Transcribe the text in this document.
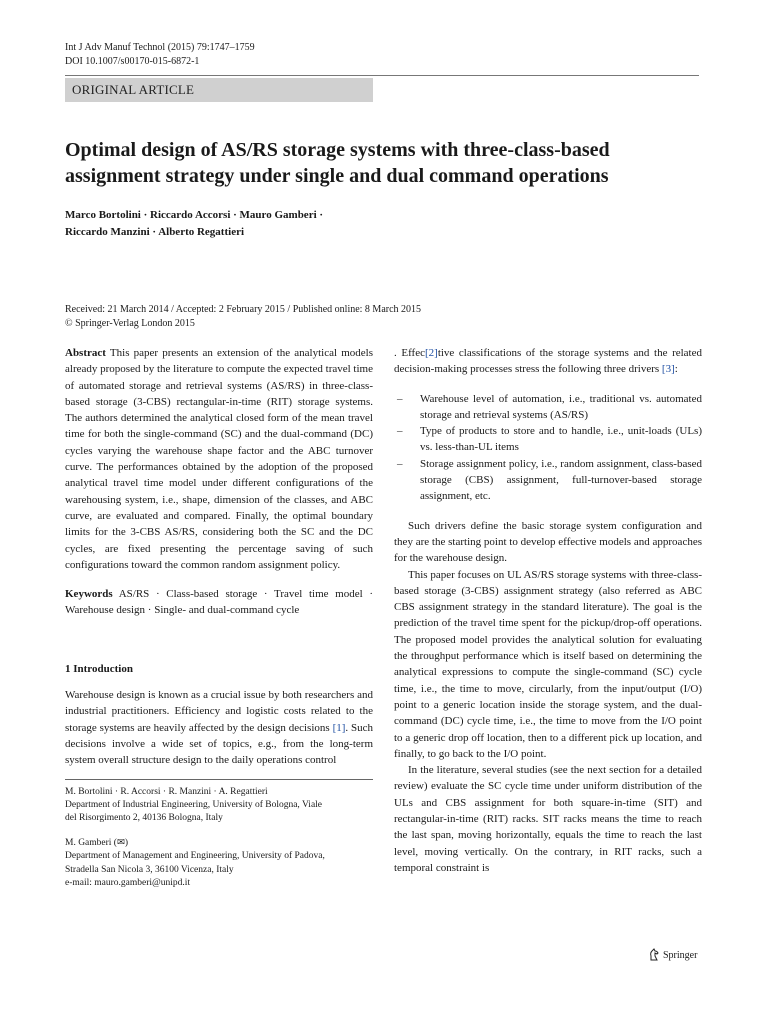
Int J Adv Manuf Technol (2015) 79:1747–1759
DOI 10.1007/s00170-015-6872-1
ORIGINAL ARTICLE
Optimal design of AS/RS storage systems with three-class-based
assignment strategy under single and dual command operations
Marco Bortolini · Riccardo Accorsi · Mauro Gamberi ·
Riccardo Manzini · Alberto Regattieri
Received: 21 March 2014 / Accepted: 2 February 2015 / Published online: 8 March 2015
© Springer-Verlag London 2015

Abstract This paper presents an extension of the analytical models already proposed by the literature to compute the expected travel time of automated storage and retrieval systems (AS/RS) in three-class-based storage (3-CBS) rectangular-in-time (RIT) storage systems. The authors determined the analytical closed form of the mean travel time for both the single-command (SC) and the dual-command (DC) cycles varying the warehouse shape factor and the ABC turnover curve. The performances obtained by the adoption of the proposed analytical travel time model under different configurations of the warehousing system, i.e., shape, dimension of the classes, and ABC curve, are evaluated and compared. Finally, the optimal boundary limits for the 3-CBS AS/RS, considering both the SC and the DC cycles, are fixed presenting the percentage saving of such configurations toward the common random assignment policy.

Keywords AS/RS · Class-based storage · Travel time model · Warehouse design · Single- and dual-command cycle

1 Introduction

Warehouse design is known as a crucial issue by both researchers and industrial practitioners. Efficiency and logistic costs related to the storage systems are heavily affected by the design decisions [1]. Such decisions involve a wide set of topics, e.g., from the long-term system overall structure design to the daily operations control

M. Bortolini · R. Accorsi · R. Manzini · A. Regattieri
Department of Industrial Engineering, University of Bologna, Viale
del Risorgimento 2, 40136 Bologna, Italy

M. Gamberi (✉)
Department of Management and Engineering, University of Padova,
Stradella San Nicola 3, 36100 Vicenza, Italy
e-mail: mauro.gamberi@unipd.it

. Effec[2]tive classifications of the storage systems and the related decision-making processes stress the following three drivers [3]:

– Warehouse level of automation, i.e., traditional vs. automated storage and retrieval systems (AS/RS)
– Type of products to store and to handle, i.e., unit-loads (ULs) vs. less-than-UL items
– Storage assignment policy, i.e., random assignment, class-based storage (CBS) assignment, full-turnover-based storage assignment, etc.

Such drivers define the basic storage system configuration and they are the starting point to develop effective models and approaches for the warehouse design.

This paper focuses on UL AS/RS storage systems with three-class-based storage (3-CBS) assignment strategy (also referred as ABC CBS assignment strategy in the standard literature). The goal is the prediction of the travel time spent for the pickup/drop-off operations. The proposed model provides the analytical solution for evaluating the throughput performance which is itself based on determining the analytical expressions to compute the single-command (SC) cycle time, i.e., the time to move, circularly, from the input/output (I/O) point to a generic location inside the storage system, and the dual-command (DC) cycle time, i.e., the time to move from the I/O point to a generic drop off location, then to a different pick up location, and finally, to go back to the I/O point.

In the literature, several studies (see the next section for a detailed review) evaluate the SC cycle time under uniform distribution of the ULs and CBS assignment for both square-in-time (SIT) and rectangular-in-time (RIT) racks. SIT racks means the time to reach the last span, moving horizontally, equals the time to reach the last level, moving vertically. On the contrary, in RIT racks, such a temporal constraint is

Springer
